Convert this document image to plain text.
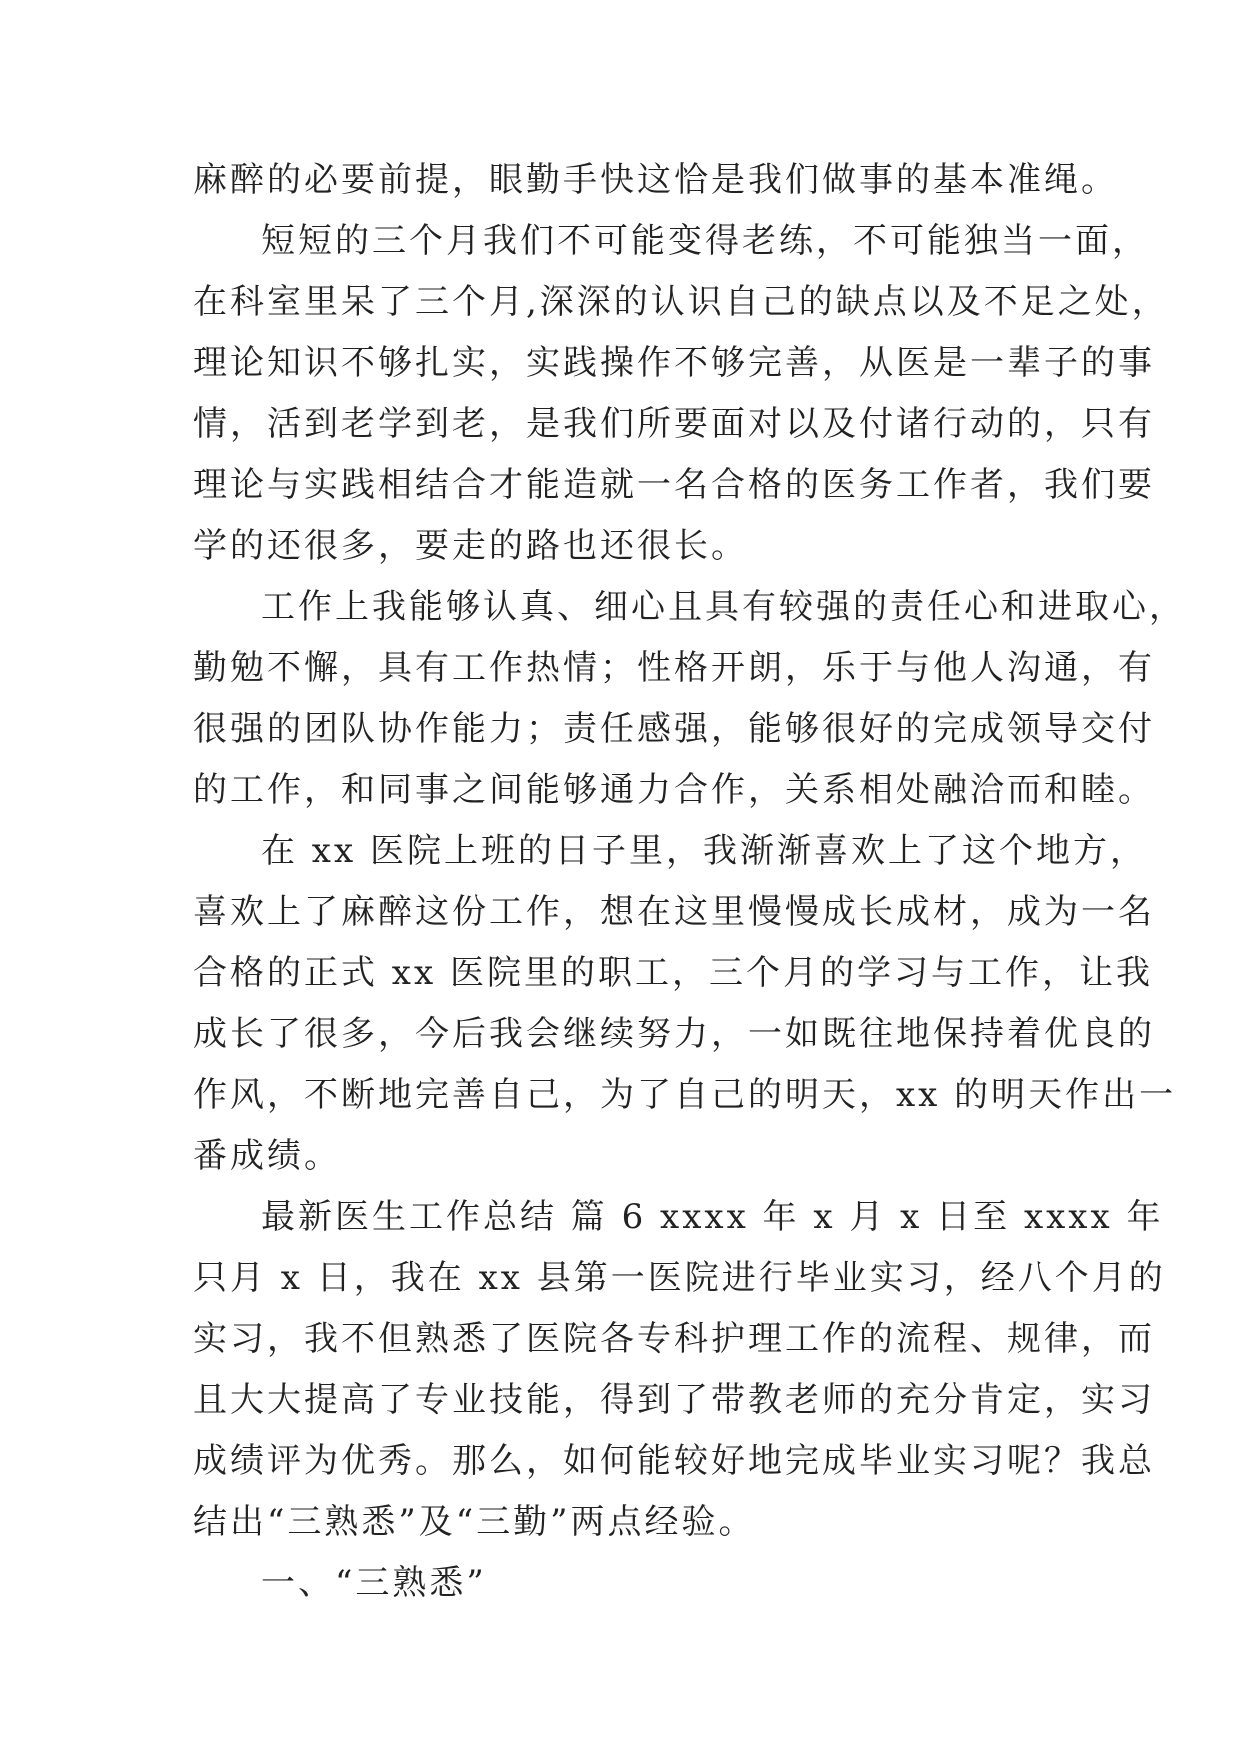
麻醉的必要前提，眼勤手快这恰是我们做事的基本准绳。
短短的三个月我们不可能变得老练，不可能独当一面，
在科室里呆了三个月,深深的认识自己的缺点以及不足之处，
理论知识不够扎实，实践操作不够完善，从医是一辈子的事
情，活到老学到老，是我们所要面对以及付诸行动的，只有
理论与实践相结合才能造就一名合格的医务工作者，我们要
学的还很多，要走的路也还很长。
工作上我能够认真、细心且具有较强的责任心和进取心，
勤勉不懈，具有工作热情；性格开朗，乐于与他人沟通，有
很强的团队协作能力；责任感强，能够很好的完成领导交付
的工作，和同事之间能够通力合作，关系相处融洽而和睦。
在 xx 医院上班的日子里，我渐渐喜欢上了这个地方，
喜欢上了麻醉这份工作，想在这里慢慢成长成材，成为一名
合格的正式 xx 医院里的职工，三个月的学习与工作，让我
成长了很多，今后我会继续努力，一如既往地保持着优良的
作风，不断地完善自己，为了自己的明天，xx 的明天作出一
番成绩。
最新医生工作总结 篇 6 xxxx 年 x 月 x 日至 xxxx 年
只月 x 日，我在 xx 县第一医院进行毕业实习，经八个月的
实习，我不但熟悉了医院各专科护理工作的流程、规律，而
且大大提高了专业技能，得到了带教老师的充分肯定，实习
成绩评为优秀。那么，如何能较好地完成毕业实习呢？我总
结出“三熟悉”及“三勤”两点经验。
一、“三熟悉”
